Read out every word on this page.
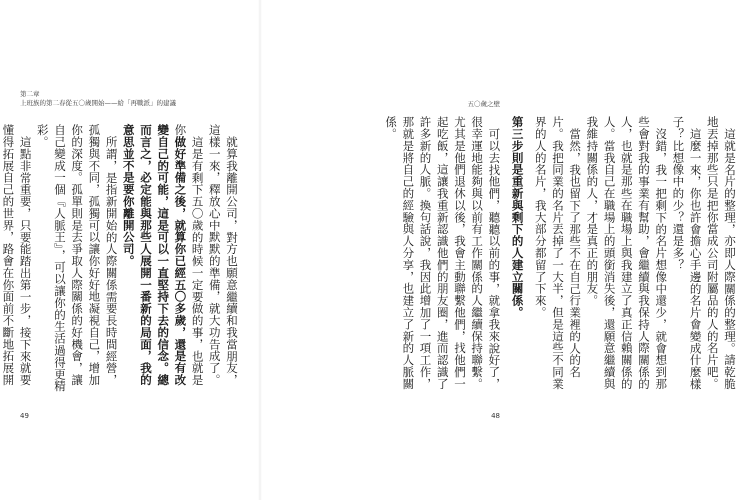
第二章
上班族的第二春從五〇歲開始——給「再戰派」的建議

就算我離開公司，對方也願意繼續和我當朋友，這樣一來，釋放心中默默的準備，就大功告成了。

這是有剩下五〇歲的時候一定要做的事，也就是你做好準備之後，就算你已經五〇多歲，還是有改變自己的可能，這是可以一直堅持下去的信念。總而言之，必定能與那些人展開一番新的局面，我的意思並不是要你離開公司。

所謂，是指新開始的人際關係需要長時間經營，孤獨與不同，孤獨可以讓你好好地凝視自己，增加你的深度。孤單則是去爭取人際關係的好機會，讓自己變成一個『人脈王』，可以讓你的生活過得更精彩。

這點非常重要，只要能踏出第一步，接下來就要懂得拓展自己的世界，路會在你面前不斷地拓展開

49
五〇歲之壁

這就是名片的整理，亦即人際關係的整理。請乾脆地丟掉那些只是把你當成公司附屬品的人的名片吧。

這麼一來，你也許會擔心手邊的名片會變成什麼樣子？比想像中的少？還是多？

沒錯，我一把剩下的名片想像中還少，就會想到那些會對我的事業有幫助，會繼續與我保持人際關係的人，也就是那些在職場上與我建立了真正信賴關係的人。當我自己在職場上的頭銜消失後，還願意繼續與我維持關係的人，才是真正的朋友。

當然，我也留下了那些不在自己行業裡的人的名片。我把同業的名片丟掉了一大半，但是這些不同業界的人的名片，我大部分都留了下來。

第三步則是重新與剩下的人建立關係。

可以去找他們，聽聽以前的事，就拿我來說好了，很幸運地能夠與以前有工作關係的人繼續保持聯繫。尤其是他們退休以後，我會主動聯繫他們，找他們一起吃飯，這讓我重新認識他們的朋友圈，進而認識了許多新的人脈。換句話說，我因此增加了一項工作，那就是將自己的經驗與人分享，也建立了新的人脈關係。

48
